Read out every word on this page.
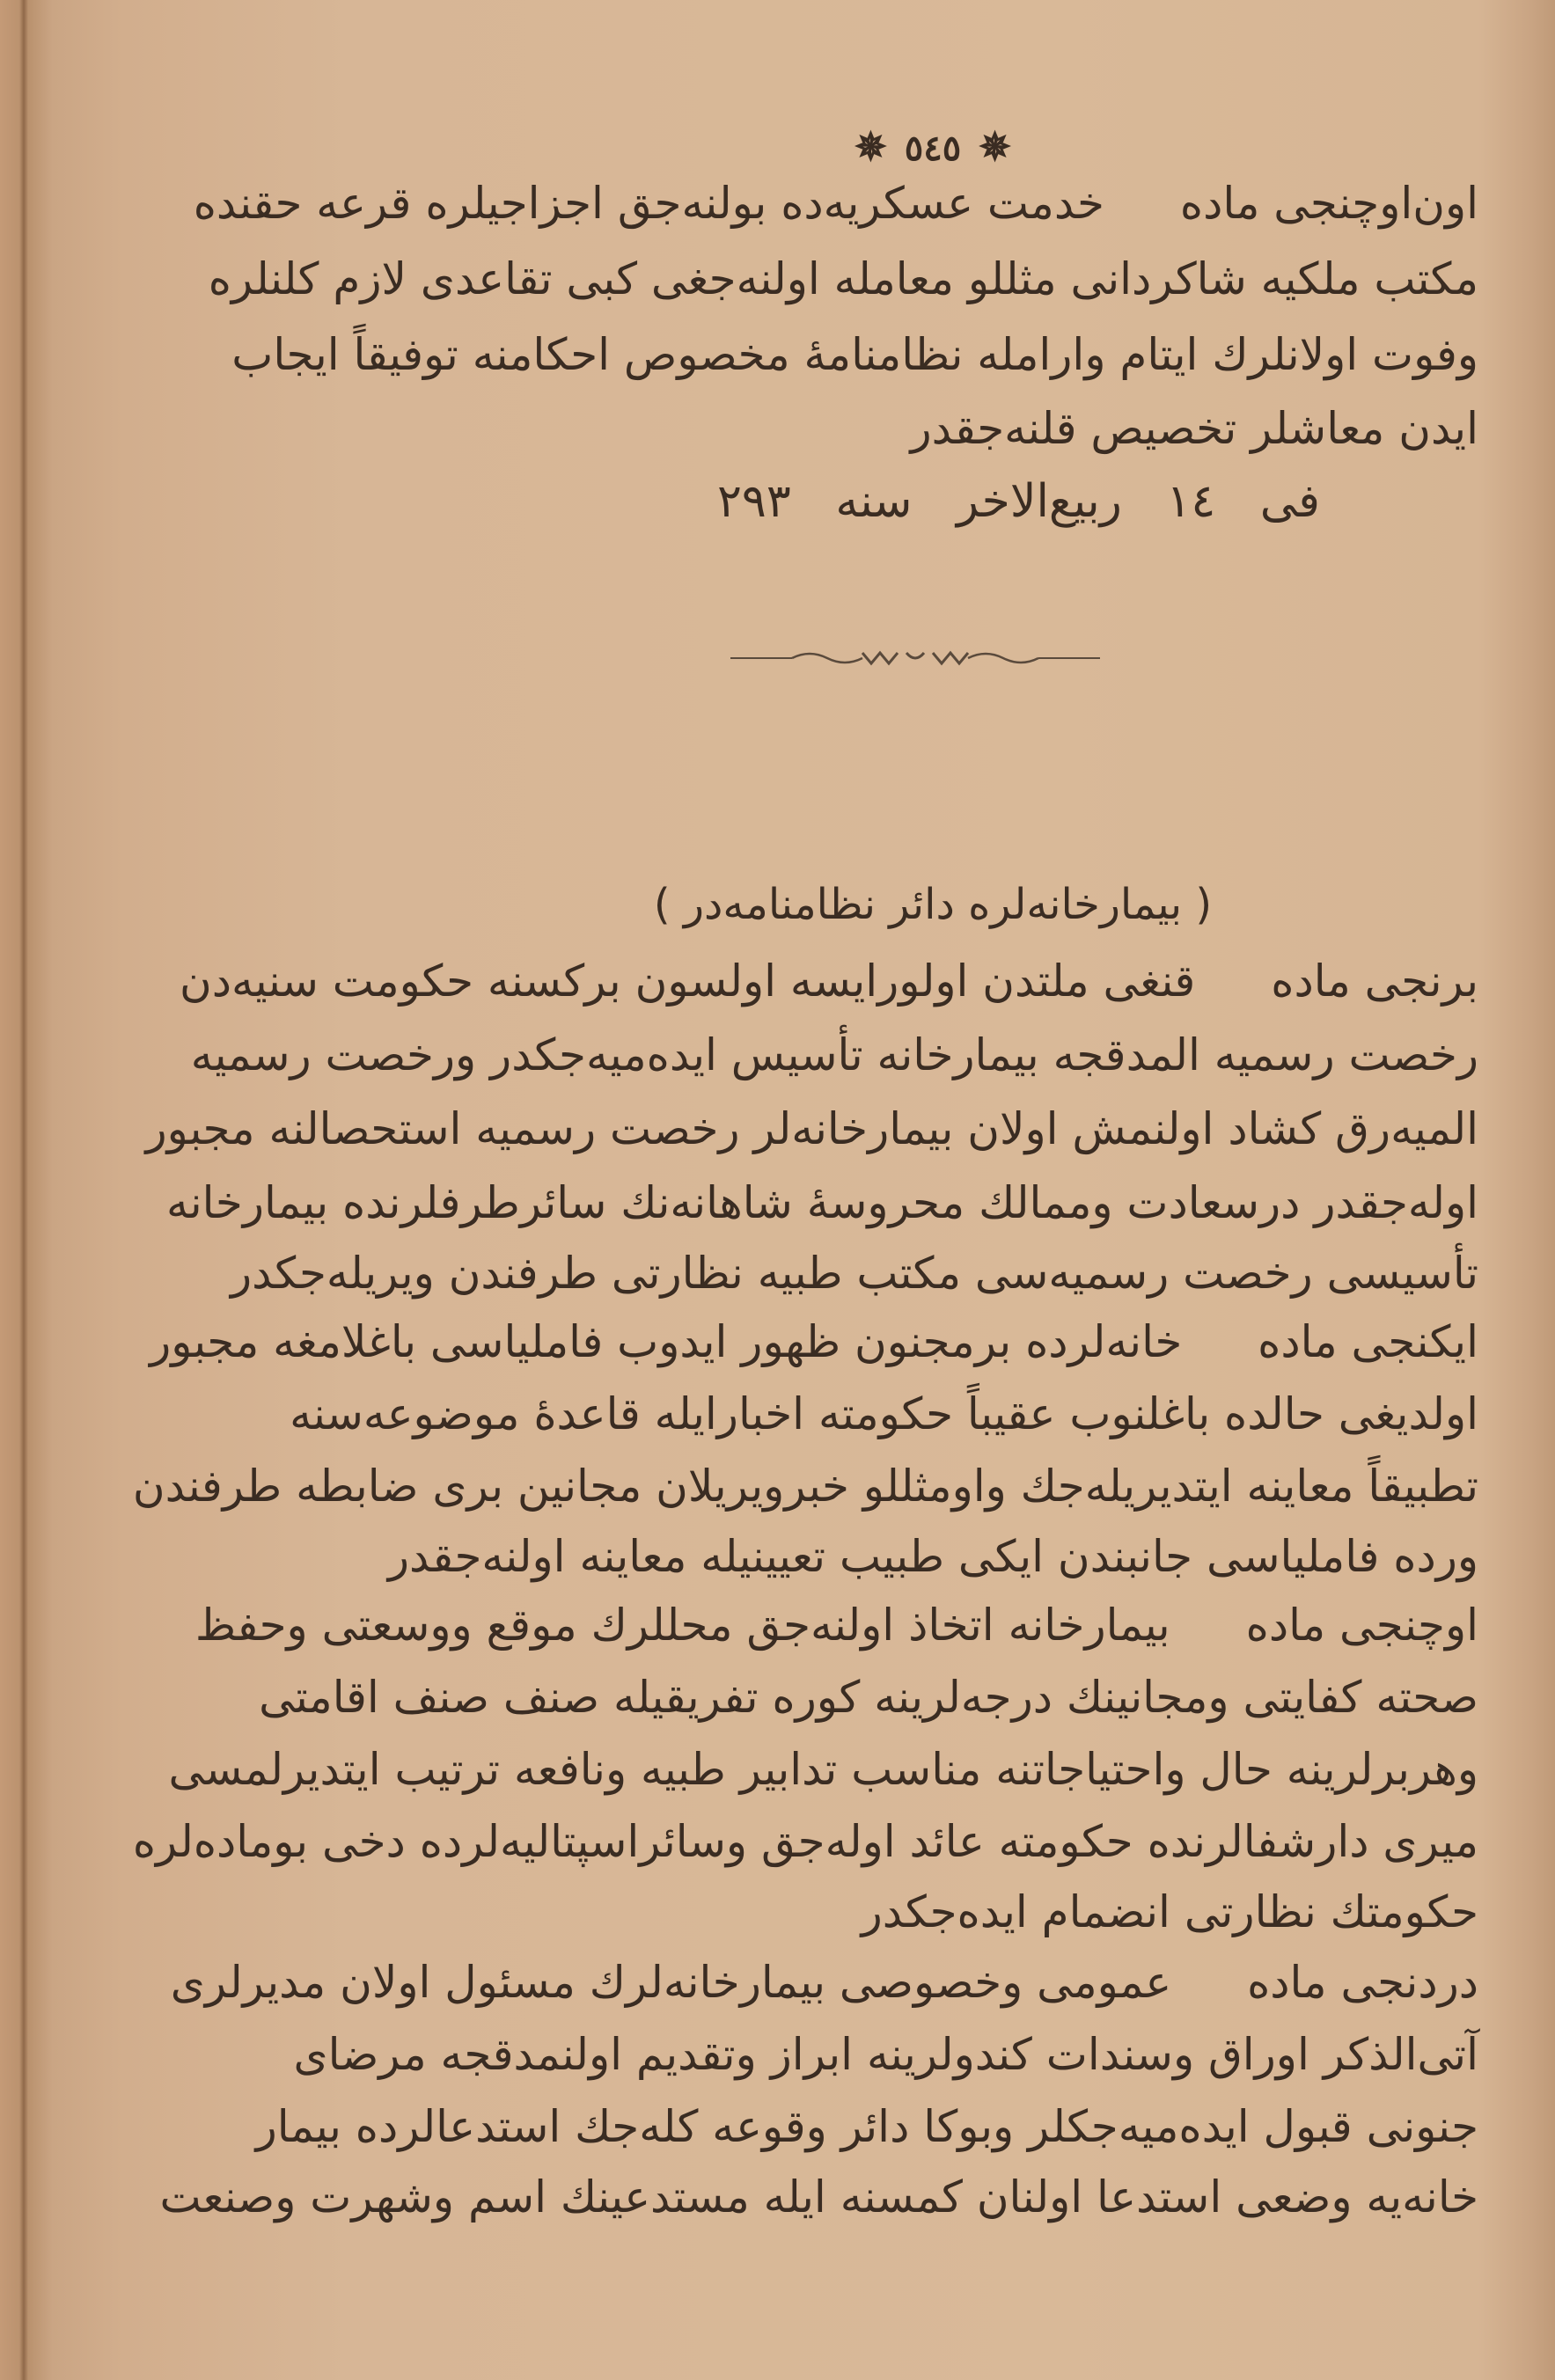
✵ ٥٤٥ ✵
اون‌اوچنجی ماده خدمت عسکریه‌ده بولنه‌جق اجزاجیلره قرعه حقنده
مکتب ملکیه شاکردانی مثللو معامله اولنه‌جغی کبی تقاعدی لازم کلنلره
وفوت اولانلرك ایتام وارامله نظامنامهٔ مخصوص احکامنه توفیقاً ایجاب
ایدن معاشلر تخصیص قلنه‌جقدر
فی ١٤ ربیع‌الاخر سنه ٢٩٣
( بیمارخانه‌لره دائر نظامنامه‌در )
برنجی ماده قنغی ملتدن اولورایسه اولسون برکسنه حکومت سنیه‌دن
رخصت رسمیه المدقجه بیمارخانه تأسیس ایده‌میه‌جکدر ورخصت رسمیه
المیه‌رق کشاد اولنمش اولان بیمارخانه‌لر رخصت رسمیه استحصالنه مجبور
اوله‌جقدر درسعادت وممالك محروسهٔ شاهانه‌نك سائرطرفلرنده بیمارخانه
تأسیسی رخصت رسمیه‌سی مکتب طبیه نظارتی طرفندن ویریله‌جکدر
ایکنجی ماده خانه‌لرده برمجنون ظهور ایدوب فاملیاسی باغلامغه مجبور
اولدیغی حالده باغلنوب عقیباً حکومته اخبارایله قاعدهٔ موضوعه‌سنه
تطبیقاً معاینه ایتدیریله‌جك واومثللو خبرویریلان مجانین بری ضابطه طرفندن
ورده فاملیاسی جانبندن ایکی طبیب تعیینیله معاینه اولنه‌جقدر
اوچنجی ماده بیمارخانه اتخاذ اولنه‌جق محللرك موقع ووسعتی وحفظ
صحته کفایتی ومجانینك درجه‌لرینه کوره تفریقیله صنف صنف اقامتی
وهربرلرینه حال واحتیاجاتنه مناسب تدابیر طبیه ونافعه ترتیب ایتدیرلمسی
میری دارشفالرنده حکومته عائد اوله‌جق وسائراسپتالیه‌لرده دخی بوماده‌لره
حکومتك نظارتی انضمام ایده‌جکدر
دردنجی ماده عمومی وخصوصی بیمارخانه‌لرك مسئول اولان مدیرلری
آتی‌الذکر اوراق وسندات کندولرینه ابراز وتقدیم اولنمدقجه مرضای
جنونی قبول ایده‌میه‌جکلر وبوکا دائر وقوعه کله‌جك استدعالرده بیمار
خانه‌یه وضعی استدعا اولنان کمسنه ایله مستدعینك اسم وشهرت وصنعت
